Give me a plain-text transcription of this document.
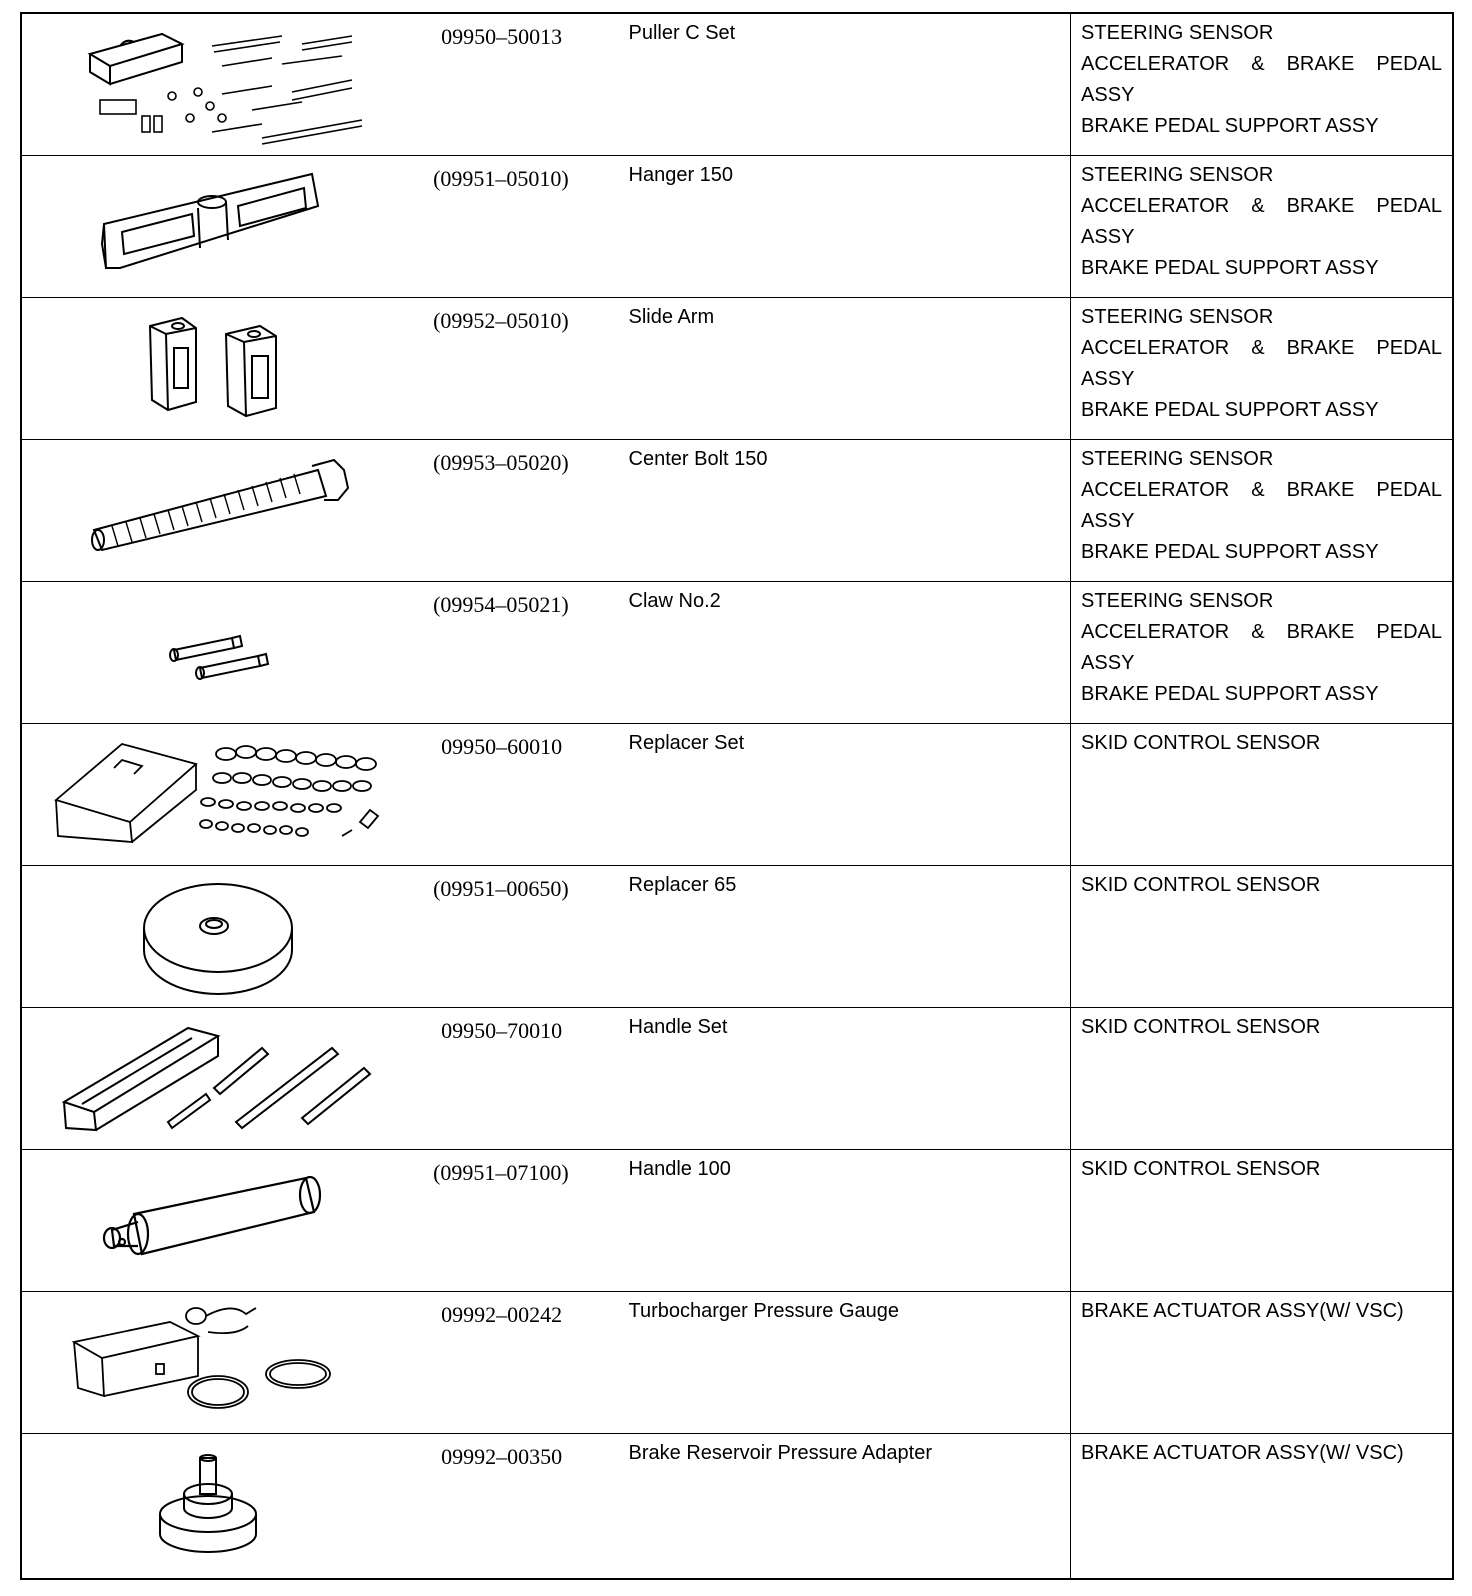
09950–50013	Puller C Set	STEERING SENSOR
ACCELERATOR & BRAKE PEDAL
ASSY
BRAKE PEDAL SUPPORT ASSY

(09951–05010)	Hanger 150	STEERING SENSOR
ACCELERATOR & BRAKE PEDAL
ASSY
BRAKE PEDAL SUPPORT ASSY

(09952–05010)	Slide Arm	STEERING SENSOR
ACCELERATOR & BRAKE PEDAL
ASSY
BRAKE PEDAL SUPPORT ASSY

(09953–05020)	Center Bolt 150	STEERING SENSOR
ACCELERATOR & BRAKE PEDAL
ASSY
BRAKE PEDAL SUPPORT ASSY

(09954–05021)	Claw No.2	STEERING SENSOR
ACCELERATOR & BRAKE PEDAL
ASSY
BRAKE PEDAL SUPPORT ASSY

09950–60010	Replacer Set	SKID CONTROL SENSOR

(09951–00650)	Replacer 65	SKID CONTROL SENSOR

09950–70010	Handle Set	SKID CONTROL SENSOR

(09951–07100)	Handle 100	SKID CONTROL SENSOR

09992–00242	Turbocharger Pressure Gauge	BRAKE ACTUATOR ASSY(W/ VSC)

09992–00350	Brake Reservoir Pressure Adapter	BRAKE ACTUATOR ASSY(W/ VSC)
